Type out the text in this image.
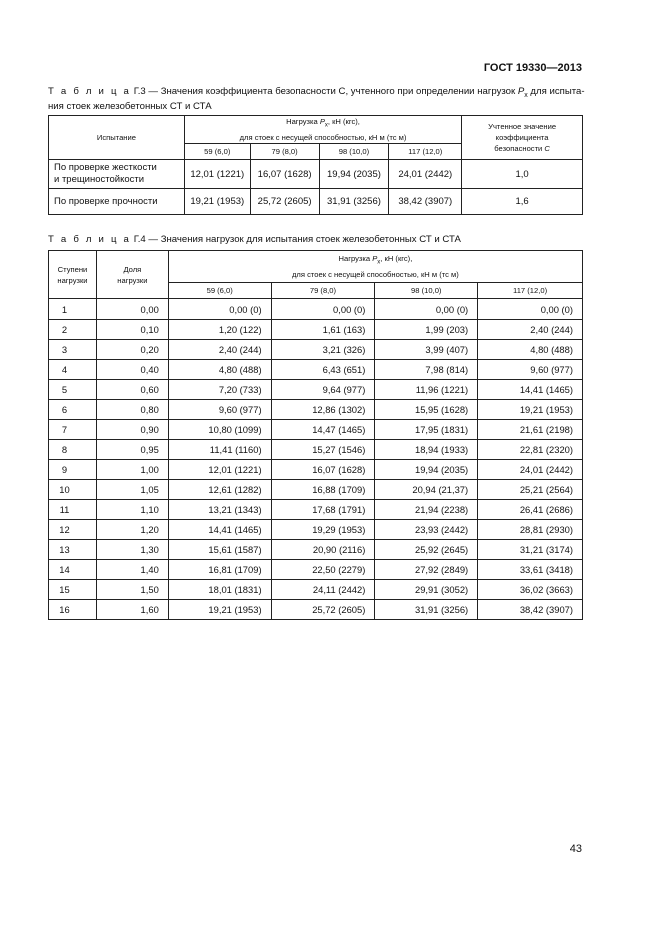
ГОСТ 19330—2013
Т а б л и ц а Г.3 — Значения коэффициента безопасности С, учтенного при определении нагрузок $P_x$ для испыта-
ния стоек железобетонных СТ и СТА
Испытание	Нагрузка $P_x$, кН (кгс),
для стоек с несущей способностью, кН м (тс м)				Учтенное значение
коэффициента
безопасности С
	59 (6,0)	79 (8,0)	98 (10,0)	117 (12,0)	
По проверке жесткости
и трещиностойкости	12,01 (1221)	16,07 (1628)	19,94 (2035)	24,01 (2442)	1,0
По проверке прочности	19,21 (1953)	25,72 (2605)	31,91 (3256)	38,42 (3907)	1,6
Т а б л и ц а Г.4 — Значения нагрузок для испытания стоек железобетонных СТ и СТА
Ступени
нагрузки	Доля
нагрузки	Нагрузка $P_x$, кН (кгс),
для стоек с несущей способностью, кН м (тс м)			
		59 (6,0)	79 (8,0)	98 (10,0)	117 (12,0)
1	0,00	0,00 (0)	0,00 (0)	0,00 (0)	0,00 (0)
2	0,10	1,20 (122)	1,61 (163)	1,99 (203)	2,40 (244)
3	0,20	2,40 (244)	3,21 (326)	3,99 (407)	4,80 (488)
4	0,40	4,80 (488)	6,43 (651)	7,98 (814)	9,60 (977)
5	0,60	7,20 (733)	9,64 (977)	11,96 (1221)	14,41 (1465)
6	0,80	9,60 (977)	12,86 (1302)	15,95 (1628)	19,21 (1953)
7	0,90	10,80 (1099)	14,47 (1465)	17,95 (1831)	21,61 (2198)
8	0,95	11,41 (1160)	15,27 (1546)	18,94 (1933)	22,81 (2320)
9	1,00	12,01 (1221)	16,07 (1628)	19,94 (2035)	24,01 (2442)
10	1,05	12,61 (1282)	16,88 (1709)	20,94 (21,37)	25,21 (2564)
11	1,10	13,21 (1343)	17,68 (1791)	21,94 (2238)	26,41 (2686)
12	1,20	14,41 (1465)	19,29 (1953)	23,93 (2442)	28,81 (2930)
13	1,30	15,61 (1587)	20,90 (2116)	25,92 (2645)	31,21 (3174)
14	1,40	16,81 (1709)	22,50 (2279)	27,92 (2849)	33,61 (3418)
15	1,50	18,01 (1831)	24,11 (2442)	29,91 (3052)	36,02 (3663)
16	1,60	19,21 (1953)	25,72 (2605)	31,91 (3256)	38,42 (3907)
43
